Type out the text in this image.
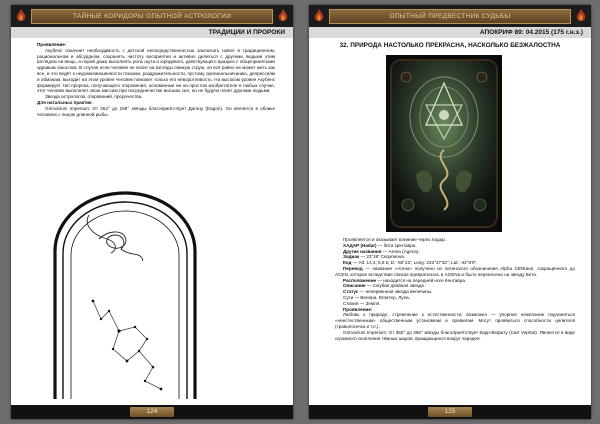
ТАЙНЫЕ КОРИДОРЫ ОПЫТНОЙ АСТРОЛОГИИ
ТРАДИЦИИ И ПРОРОКИ

Проявление:

Акубенс означает необходимость с детской непосредственностью заключать новое в традиционном, рациональном и абсурдном, сохранять чистоту восприятия и активно делиться с другими людьми этим взглядом на вещь, а порой даже выполнять роль шута и юродивого, действующего вразрез с общепринятыми здравым смыслом. В случае если человек не носит на взгляды свежую струю, он всё равно не может жить как все, и это ведёт к неуравновешенности психики, раздражительности, пустому оригинальничанию, депрессиям и обманам; выходит на этом уровне человек поможет только его неворотливость. На высоком уровне Акубенс формирует тип пророка, получающего откровения, основанные ни на простом изобретателе в любых случае, этот человек выполняет свою миссию при посредничестве высших сил, но не будучи понят другими людьми.

Звезда астрологов, откровений, пророчества.

Для натальных практик:

Grimoirium Imperium: От 252° до 258° звёзды благоприятствует Дагону (Dagon). Он является в облике человека с лицом длинной рыбы.

124
ОПЫТНЫЙ ПРЕДВЕСТНИК СУДЬБЫ
АПОКРИФ 89: 04.2015 (175 г.н.э.)
32. ПРИРОДА НАСТОЛЬКО ПРЕКРАСНА, НАСКОЛЬКО БЕЗЖАЛОСТНА

Проявляется и оказывает влияние через Хадар.

ХАДАР (Hadar) — бета Центавра.

Другие названия — Агена (Agena).

Зодиак — 23°48' Скорпиона.

Код — Alt: 14,4; 5,8 в; D: -60°22'; Long: 233°47'32"; Lat: -44°8'9".

Перевод — название «Агена» получено из латинского обозначения Alpha CENtauri, сокращённого до ACEN, которое вследствие описки превратилось в AGENa и было перенесено на звезду Бета.

Расположение — находится на передней ноге Кентавра.

Описание — голубая двойная звезда.

Статус — непервенная звезда величины.

Сути — Венера, Юпитер, Луна.

Стихия — Земля.

Проявление:

Любовь к природе, стремление к естественности, возможно — упорное нежелание подчиняться «неестественным» общественным установкам и правилам. Могут проявиться способности целителя (травологичка и т.п.).

Grimoirium Imperium: От 350° до 356° звёзды благоприятствует Карр-Вефату (Carr Vephat). Является в виде огромного скопления тёмных шаров, вращающихся вокруг чародея.

125
